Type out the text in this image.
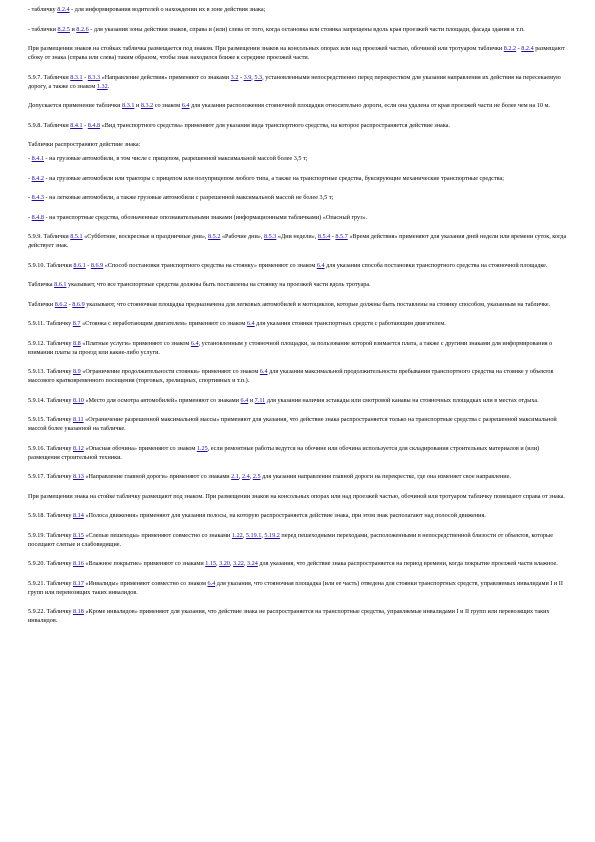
- табличку 8.2.4 - для информирования водителей о нахождении их в зоне действия знака;

- таблички 8.2.5 и 8.2.6 - для указания зоны действия знаков, справа и (или) слева от того, когда остановка или стоянка запрещены вдоль края проезжей части площади, фасада здания и т.п.

При размещении знаков на стойках табличка размещается под знаком. При размещении знаков на консольных опорах или над проезжей частью, обочиной или тротуаром таблички 8.2.2 - 8.2.4 размещают сбоку от знака (справа или слева) таким образом, чтобы знак находился ближе к середине проезжей части.

5.9.7. Таблички 8.3.1 - 8.3.3 «Направление действия» применяют со знаками 3.2 - 3.9, 5.3, установленными непосредственно перед перекрестком для указания направления их действия на пересекаемую дорогу, а также со знаком 1.32.

Допускается применение таблички 8.3.1 и 8.3.2 со знаком 6.4 для указания расположения стояночной площадки относительно дороги, если она удалена от края проезжей части не более чем на 10 м.

5.9.8. Таблички 8.4.1 - 8.4.8 «Вид транспортного средства» применяют для указания вида транспортного средства, на которое распространяется действие знака.

Таблички распространяют действие знака:

- 8.4.1 - на грузовые автомобили, в том числе с прицепом, разрешенной максимальной массой более 3,5 т;

- 8.4.2 - на грузовые автомобили или тракторы с прицепом или полуприцепом любого типа, а также на транспортные средства, буксирующие механические транспортные средства;

- 8.4.3 - на легковые автомобили, а также грузовые автомобили с разрешенной максимальной массой не более 3,5 т;

- 8.4.8 - на транспортные средства, обозначенные опознавательными знаками (информационными табличками) «Опасный груз».

5.9.9. Таблички 8.5.1 «Субботние, воскресные и праздничные дни», 8.5.2 «Рабочие дни», 8.5.3 «Дни недели», 8.5.4 - 8.5.7 «Время действия» применяют для указания дней недели или времени суток, когда действует знак.

5.9.10. Таблички 8.6.1 - 8.6.9 «Способ постановки транспортного средства на стоянку» применяют со знаком 6.4 для указания способа постановки транспортного средства на стояночной площадке.

Табличка 8.6.1 указывает, что все транспортные средства должны быть поставлены на стоянку на проезжей части вдоль тротуара.

Таблички 8.6.2 - 8.6.9 указывают, что стояночная площадка предназначена для легковых автомобилей и мотоциклов, которые должны быть поставлены на стоянку способом, указанным на табличке.

5.9.11. Табличку 8.7 «Стоянка с неработающим двигателем» применяют со знаком 6.4 для указания стоянки транспортных средств с работающим двигателем.

5.9.12. Табличку 8.8 «Платные услуги» применяют со знаком 6.4, установленным у стояночной площадки, за пользование которой взимается плата, а также с другими знаками для информирования о взимании платы за проезд или какие-либо услуги.

5.9.13. Табличку 8.9 «Ограничение продолжительности стоянки» применяют со знаком 6.4 для указания максимальной продолжительности пребывания транспортного средства на стоянке у объектов массового кратковременного посещения (торговых, зрелищных, спортивных и т.п.).

5.9.14. Табличку 8.10 «Место для осмотра автомобилей» применяют со знаками 6.4 и 7.11 для указания наличия эстакады или смотровой канавы на стояночных площадках или в местах отдыха.

5.9.15. Табличку 8.11 «Ограничение разрешенной максимальной массы» применяют для указания, что действие знака распространяется только на транспортные средства с разрешенной максимальной массой более указанной на табличке.

5.9.16. Табличку 8.12 «Опасная обочина» применяют со знаком 1.25, если ремонтные работы ведутся на обочине или обочина используется для складирования строительных материалов и (или) размещения строительной техники.

5.9.17. Табличку 8.13 «Направление главной дороги» применяют со знаками 2.1, 2.4, 2.5 для указания направления главной дороги на перекрестке, где она изменяет свое направление.

При размещении знака на стойке табличку размещают под знаком. При размещении знаков на консольных опорах или над проезжей частью, обочиной или тротуаром табличку помещают справа от знака.

5.9.18. Табличку 8.14 «Полоса движения» применяют для указания полосы, на которую распространяется действие знака, при этом знак располагают над полосой движения.

5.9.19. Табличку 8.15 «Слепые пешеходы» применяют совместно со знаками 1.22, 5.19.1, 5.19.2 перед пешеходными переходами, расположенными в непосредственной близости от объектов, которые посещают слепые и слабовидящие.

5.9.20. Табличку 8.16 «Влажное покрытие» применяют со знаками 1.15, 3.20, 3.22, 3.24 для указания, что действие знака распространяется на период времени, когда покрытие проезжей части влажное.

5.9.21. Табличку 8.17 «Инвалиды» применяют совместно со знаком 6.4 для указания, что стояночная площадка (или ее часть) отведена для стоянки транспортных средств, управляемых инвалидами I и II групп или перевозящих таких инвалидов.

5.9.22. Табличку 8.18 «Кроме инвалидов» применяют для указания, что действие знака не распространяется на транспортные средства, управляемые инвалидами I и II групп или перевозящих таких инвалидов.
